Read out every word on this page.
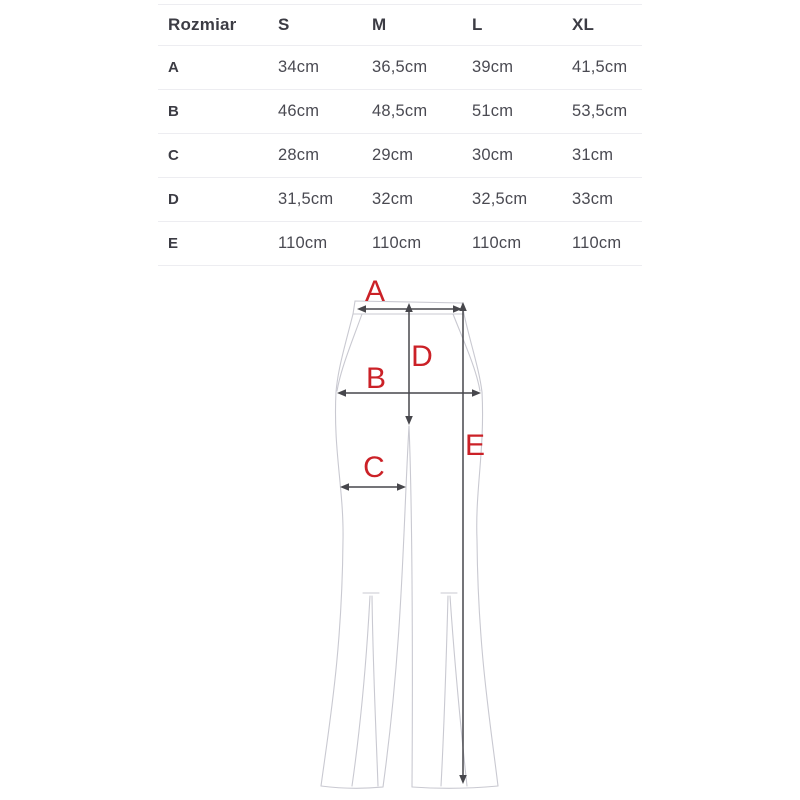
Rozmiar	S	M	L	XL
A	34cm	36,5cm	39cm	41,5cm
B	46cm	48,5cm	51cm	53,5cm
C	28cm	29cm	30cm	31cm
D	31,5cm	32cm	32,5cm	33cm
E	110cm	110cm	110cm	110cm
A
B
C
D
E
